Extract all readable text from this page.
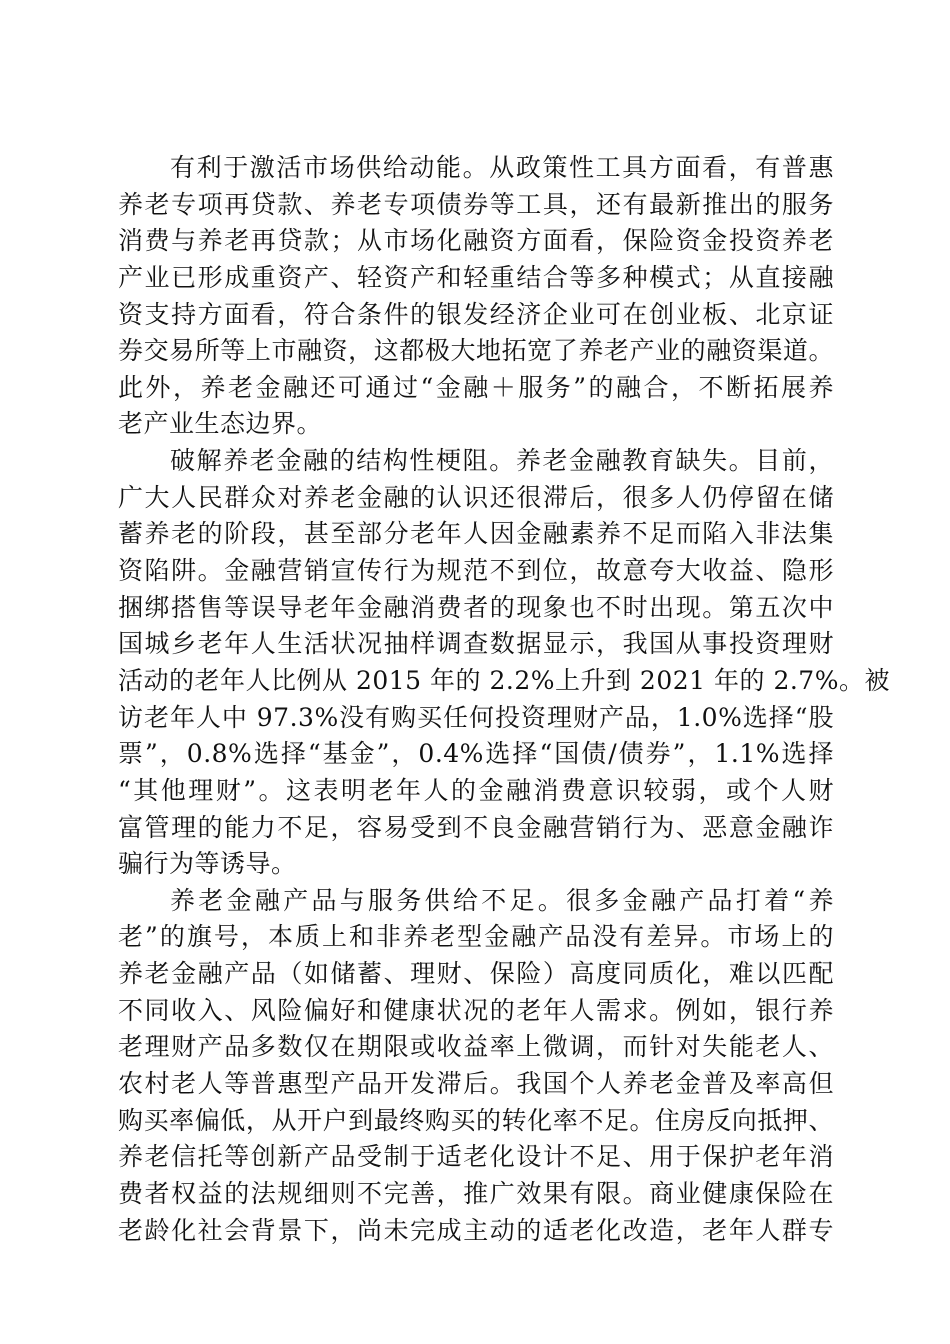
有利于激活市场供给动能。从政策性工具方面看，有普惠
养老专项再贷款、养老专项债券等工具，还有最新推出的服务
消费与养老再贷款；从市场化融资方面看，保险资金投资养老
产业已形成重资产、轻资产和轻重结合等多种模式；从直接融
资支持方面看，符合条件的银发经济企业可在创业板、北京证
券交易所等上市融资，这都极大地拓宽了养老产业的融资渠道。
此外，养老金融还可通过“金融＋服务”的融合，不断拓展养
老产业生态边界。
破解养老金融的结构性梗阻。养老金融教育缺失。目前，
广大人民群众对养老金融的认识还很滞后，很多人仍停留在储
蓄养老的阶段，甚至部分老年人因金融素养不足而陷入非法集
资陷阱。金融营销宣传行为规范不到位，故意夸大收益、隐形
捆绑搭售等误导老年金融消费者的现象也不时出现。第五次中
国城乡老年人生活状况抽样调查数据显示，我国从事投资理财
活动的老年人比例从 2015 年的 2.2%上升到 2021 年的 2.7%。被
访老年人中 97.3%没有购买任何投资理财产品，1.0%选择“股
票”，0.8%选择“基金”，0.4%选择“国债/债券”，1.1%选择
“其他理财”。这表明老年人的金融消费意识较弱，或个人财
富管理的能力不足，容易受到不良金融营销行为、恶意金融诈
骗行为等诱导。
养老金融产品与服务供给不足。很多金融产品打着“养
老”的旗号，本质上和非养老型金融产品没有差异。市场上的
养老金融产品（如储蓄、理财、保险）高度同质化，难以匹配
不同收入、风险偏好和健康状况的老年人需求。例如，银行养
老理财产品多数仅在期限或收益率上微调，而针对失能老人、
农村老人等普惠型产品开发滞后。我国个人养老金普及率高但
购买率偏低，从开户到最终购买的转化率不足。住房反向抵押、
养老信托等创新产品受制于适老化设计不足、用于保护老年消
费者权益的法规细则不完善，推广效果有限。商业健康保险在
老龄化社会背景下，尚未完成主动的适老化改造，老年人群专
